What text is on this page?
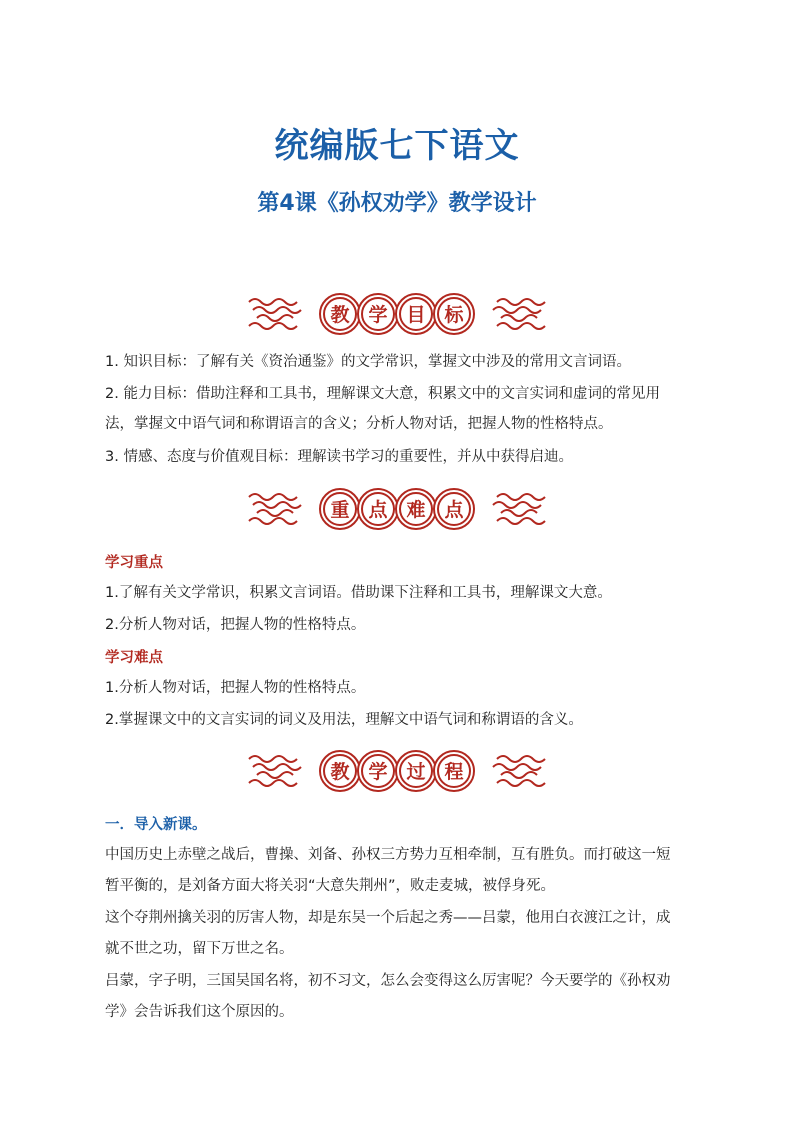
统编版七下语文
第4课《孙权劝学》教学设计
教 学 目 标
1. 知识目标：了解有关《资治通鉴》的文学常识，掌握文中涉及的常用文言词语。
2. 能力目标：借助注释和工具书，理解课文大意，积累文中的文言实词和虚词的常见用
法，掌握文中语气词和称谓语言的含义；分析人物对话，把握人物的性格特点。
3. 情感、态度与价值观目标：理解读书学习的重要性，并从中获得启迪。
重 点 难 点
学习重点
1.了解有关文学常识，积累文言词语。借助课下注释和工具书，理解课文大意。
2.分析人物对话，把握人物的性格特点。
学习难点
1.分析人物对话，把握人物的性格特点。
2.掌握课文中的文言实词的词义及用法，理解文中语气词和称谓语的含义。
教 学 过 程
一．导入新课。
中国历史上赤壁之战后，曹操、刘备、孙权三方势力互相牵制，互有胜负。而打破这一短
暂平衡的，是刘备方面大将关羽“大意失荆州”，败走麦城，被俘身死。
这个夺荆州擒关羽的厉害人物，却是东吴一个后起之秀——吕蒙，他用白衣渡江之计，成
就不世之功，留下万世之名。
吕蒙，字子明，三国吴国名将，初不习文，怎么会变得这么厉害呢？今天要学的《孙权劝
学》会告诉我们这个原因的。
